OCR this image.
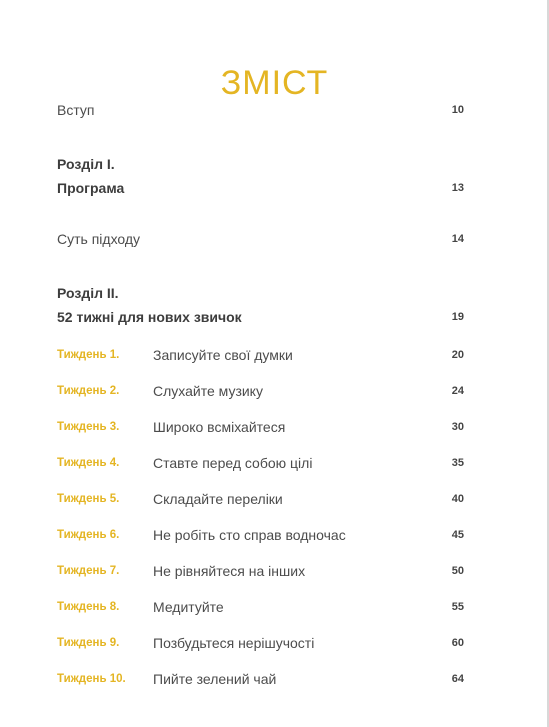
ЗМІСТ
Вступ	10
Розділ І.
Програма	13
Суть підходу	14
Розділ ІІ.
52 тижні для нових звичок	19
Тиждень 1.	Записуйте свої думки	20
Тиждень 2.	Слухайте музику	24
Тиждень 3.	Широко всміхайтеся	30
Тиждень 4.	Ставте перед собою цілі	35
Тиждень 5.	Складайте переліки	40
Тиждень 6.	Не робіть сто справ водночас	45
Тиждень 7.	Не рівняйтеся на інших	50
Тиждень 8.	Медитуйте	55
Тиждень 9.	Позбудьтеся нерішучості	60
Тиждень 10.	Пийте зелений чай	64
